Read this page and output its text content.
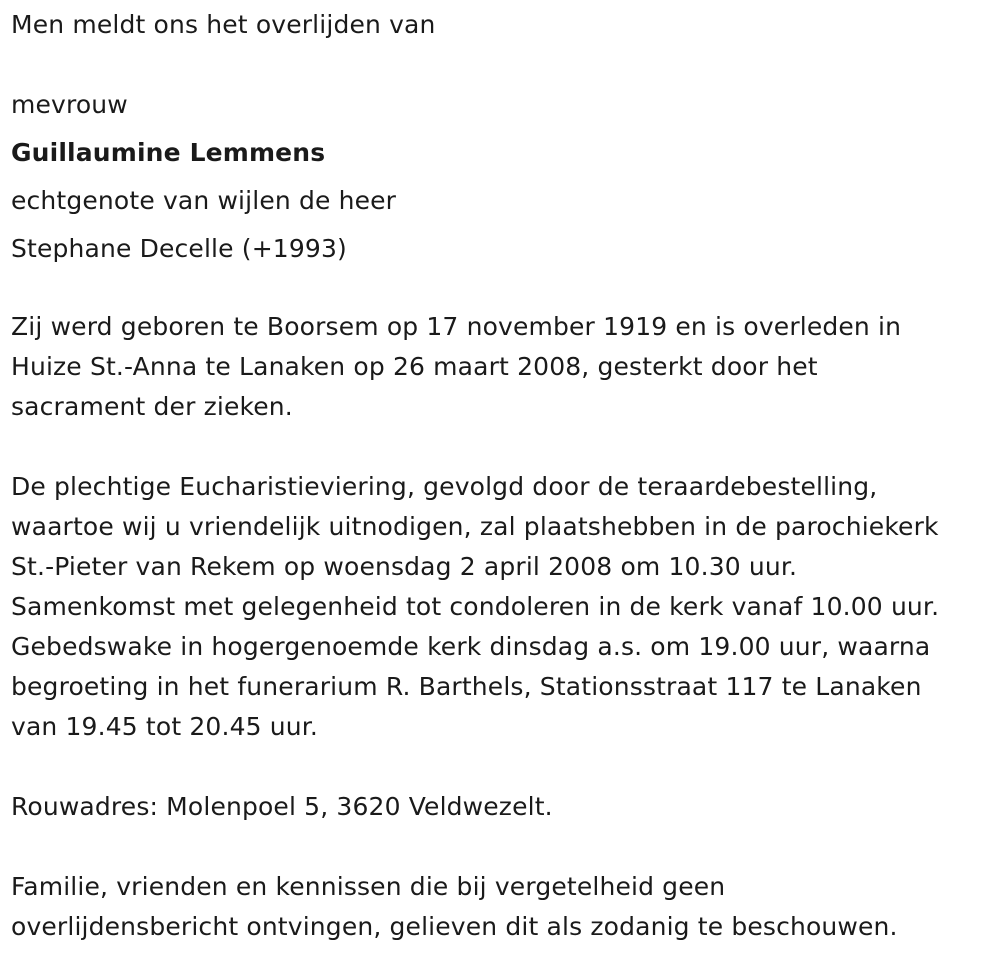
Men meldt ons het overlijden van
mevrouw
Guillaumine Lemmens
echtgenote van wijlen de heer
Stephane Decelle (+1993)
Zij werd geboren te Boorsem op 17 november 1919 en is overleden in
Huize St.-Anna te Lanaken op 26 maart 2008, gesterkt door het
sacrament der zieken.
De plechtige Eucharistieviering, gevolgd door de teraardebestelling,
waartoe wij u vriendelijk uitnodigen, zal plaatshebben in de parochiekerk
St.-Pieter van Rekem op woensdag 2 april 2008 om 10.30 uur.
Samenkomst met gelegenheid tot condoleren in de kerk vanaf 10.00 uur.
Gebedswake in hogergenoemde kerk dinsdag a.s. om 19.00 uur, waarna
begroeting in het funerarium R. Barthels, Stationsstraat 117 te Lanaken
van 19.45 tot 20.45 uur.
Rouwadres: Molenpoel 5, 3620 Veldwezelt.
Familie, vrienden en kennissen die bij vergetelheid geen
overlijdensbericht ontvingen, gelieven dit als zodanig te beschouwen.
